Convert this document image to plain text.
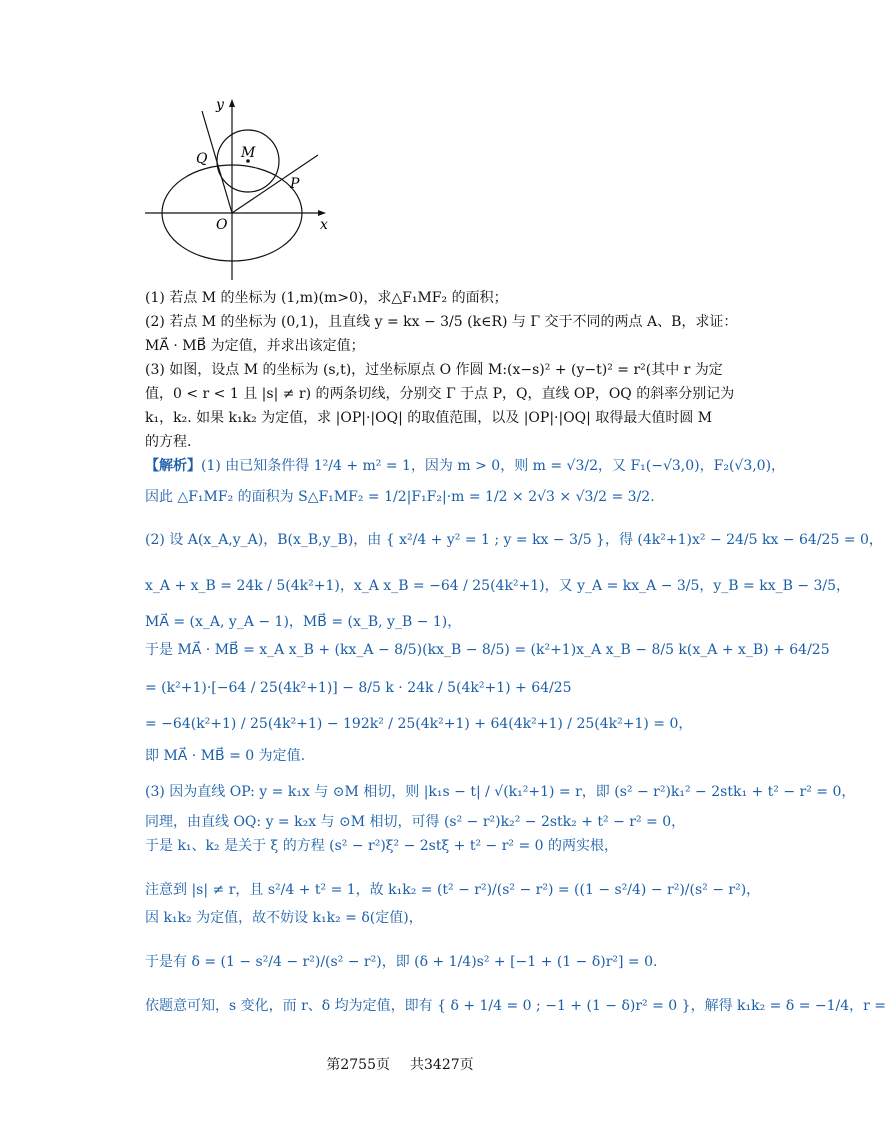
y
x
Q M
P
O
(1) 若点 M 的坐标为 (1,m)(m>0)，求△F₁MF₂ 的面积；
(2) 若点 M 的坐标为 (0,1)，且直线 y = kx − 3/5 (k∈R) 与 Γ 交于不同的两点 A、B，求证：
MA⃗ · MB⃗ 为定值，并求出该定值；
(3) 如图，设点 M 的坐标为 (s,t)，过坐标原点 O 作圆 M:(x−s)² + (y−t)² = r²(其中 r 为定
值，0 < r < 1 且 |s| ≠ r) 的两条切线，分别交 Γ 于点 P，Q，直线 OP，OQ 的斜率分别记为
k₁，k₂. 如果 k₁k₂ 为定值，求 |OP|·|OQ| 的取值范围，以及 |OP|·|OQ| 取得最大值时圆 M
的方程.
【解析】(1) 由已知条件得 1²/4 + m² = 1，因为 m > 0，则 m = √3/2，又 F₁(−√3,0)，F₂(√3,0)，
因此 △F₁MF₂ 的面积为 S△F₁MF₂ = 1/2|F₁F₂|·m = 1/2 × 2√3 × √3/2 = 3/2.
(2) 设 A(x_A,y_A)，B(x_B,y_B)，由 { x²/4 + y² = 1 ; y = kx − 3/5 }，得 (4k²+1)x² − 24/5 kx − 64/25 = 0，
x_A + x_B = 24k / 5(4k²+1)，x_A x_B = −64 / 25(4k²+1)，又 y_A = kx_A − 3/5，y_B = kx_B − 3/5，
MA⃗ = (x_A, y_A − 1)，MB⃗ = (x_B, y_B − 1)，
于是 MA⃗ · MB⃗ = x_A x_B + (kx_A − 8/5)(kx_B − 8/5) = (k²+1)x_A x_B − 8/5 k(x_A + x_B) + 64/25
= (k²+1)·[−64 / 25(4k²+1)] − 8/5 k · 24k / 5(4k²+1) + 64/25
= −64(k²+1) / 25(4k²+1) − 192k² / 25(4k²+1) + 64(4k²+1) / 25(4k²+1) = 0，
即 MA⃗ · MB⃗ = 0 为定值.
(3) 因为直线 OP: y = k₁x 与 ⊙M 相切，则 |k₁s − t| / √(k₁²+1) = r，即 (s² − r²)k₁² − 2stk₁ + t² − r² = 0，
同理，由直线 OQ: y = k₂x 与 ⊙M 相切，可得 (s² − r²)k₂² − 2stk₂ + t² − r² = 0，
于是 k₁、k₂ 是关于 ξ 的方程 (s² − r²)ξ² − 2stξ + t² − r² = 0 的两实根，
注意到 |s| ≠ r，且 s²/4 + t² = 1，故 k₁k₂ = (t² − r²)/(s² − r²) = ((1 − s²/4) − r²)/(s² − r²)，
因 k₁k₂ 为定值，故不妨设 k₁k₂ = δ(定值)，
于是有 δ = (1 − s²/4 − r²)/(s² − r²)，即 (δ + 1/4)s² + [−1 + (1 − δ)r²] = 0.
依题意可知，s 变化，而 r、δ 均为定值，即有 { δ + 1/4 = 0 ; −1 + (1 − δ)r² = 0 }，解得 k₁k₂ = δ = −1/4，r =
第2755页 共3427页
